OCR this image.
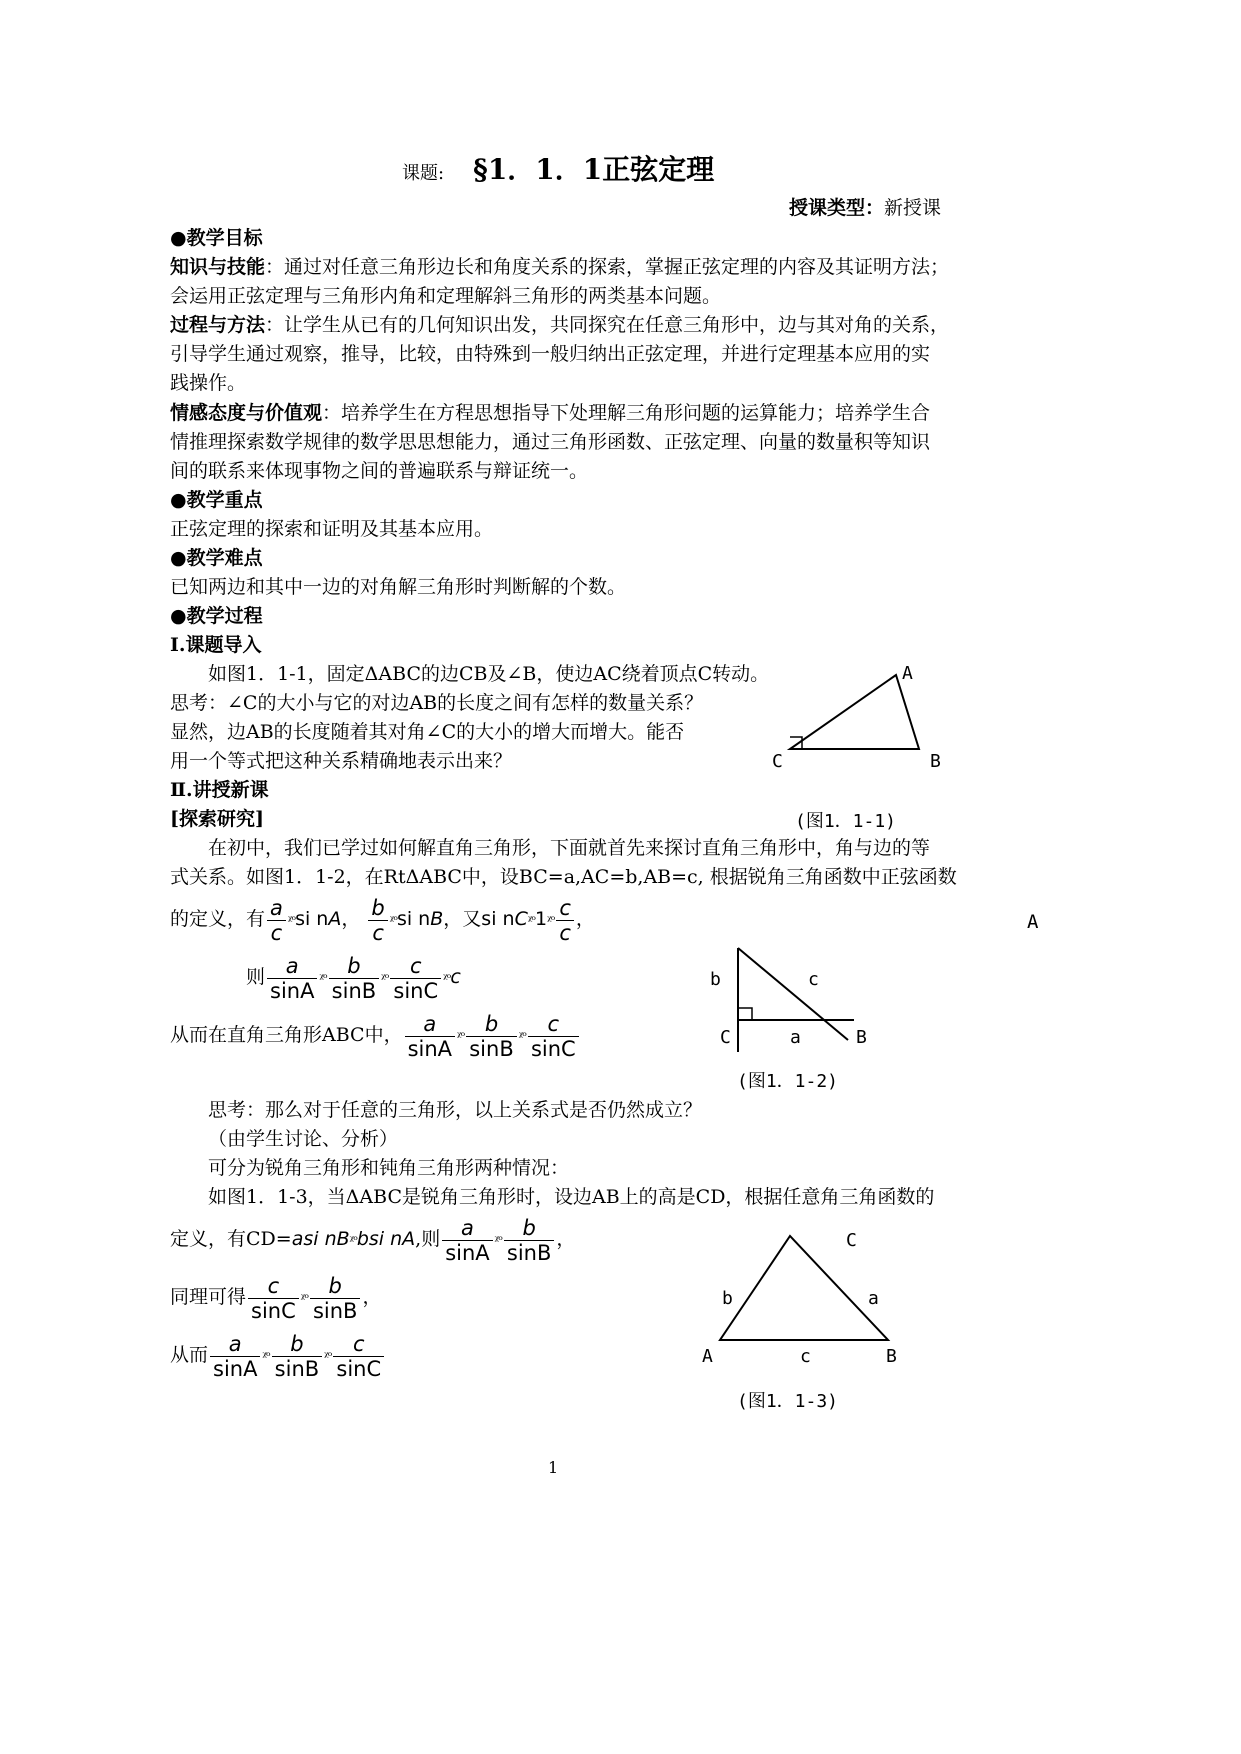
课题: §1．1．1正弦定理
授课类型：新授课
●教学目标
知识与技能：通过对任意三角形边长和角度关系的探索，掌握正弦定理的内容及其证明方法；
会运用正弦定理与三角形内角和定理解斜三角形的两类基本问题。
过程与方法：让学生从已有的几何知识出发，共同探究在任意三角形中，边与其对角的关系，
引导学生通过观察，推导，比较，由特殊到一般归纳出正弦定理，并进行定理基本应用的实
践操作。
情感态度与价值观：培养学生在方程思想指导下处理解三角形问题的运算能力；培养学生合
情推理探索数学规律的数学思思想能力，通过三角形函数、正弦定理、向量的数量积等知识
间的联系来体现事物之间的普遍联系与辩证统一。
●教学重点
正弦定理的探索和证明及其基本应用。
●教学难点
已知两边和其中一边的对角解三角形时判断解的个数。
●教学过程
Ⅰ.课题导入
如图1．1-1，固定ΔABC的边CB及∠B，使边AC绕着顶点C转动。
思考：∠C的大小与它的对边AB的长度之间有怎样的数量关系？
显然，边AB的长度随着其对角∠C的大小的增大而增大。能否
用一个等式把这种关系精确地表示出来？
A
C	B
Ⅱ.讲授新课
[探索研究]	(图1．1-1)
在初中，我们已学过如何解直角三角形，下面就首先来探讨直角三角形中，角与边的等
式关系。如图1．1-2，在RtΔABC中，设BC=a,AC=b,AB=c, 根据锐角三角函数中正弦函数
的定义，有 $\frac{a}{c}$ ᵡᵒsi nA， $\frac{b}{c}$ ᵡᵒsi nB，又si nCᵡᵒ1ᵡᵒ $\frac{c}{c}$ ，	A
则 $\frac{a}{\sin A}$ ᵡᵒ $\frac{b}{\sin B}$ ᵡᵒ $\frac{c}{\sin C}$ ᵡᵒc
从而在直角三角形ABC中， $\frac{a}{\sin A}$ ᵡᵒ $\frac{b}{\sin B}$ ᵡᵒ $\frac{c}{\sin C}$
b	c
C	a	B
(图1．1-2)
思考：那么对于任意的三角形，以上关系式是否仍然成立？
（由学生讨论、分析）
可分为锐角三角形和钝角三角形两种情况：
如图1．1-3，当ΔABC是锐角三角形时，设边AB上的高是CD，根据任意角三角函数的
定义，有CD=asi nBᵡᵒbsi nA,则 $\frac{a}{\sin A}$ ᵡᵒ $\frac{b}{\sin B}$ ，
同理可得 $\frac{c}{\sin C}$ ᵡᵒ $\frac{b}{\sin B}$ ，
从而 $\frac{a}{\sin A}$ ᵡᵒ $\frac{b}{\sin B}$ ᵡᵒ $\frac{c}{\sin C}$
C
b	a
A	c	B
(图1．1-3)
1
